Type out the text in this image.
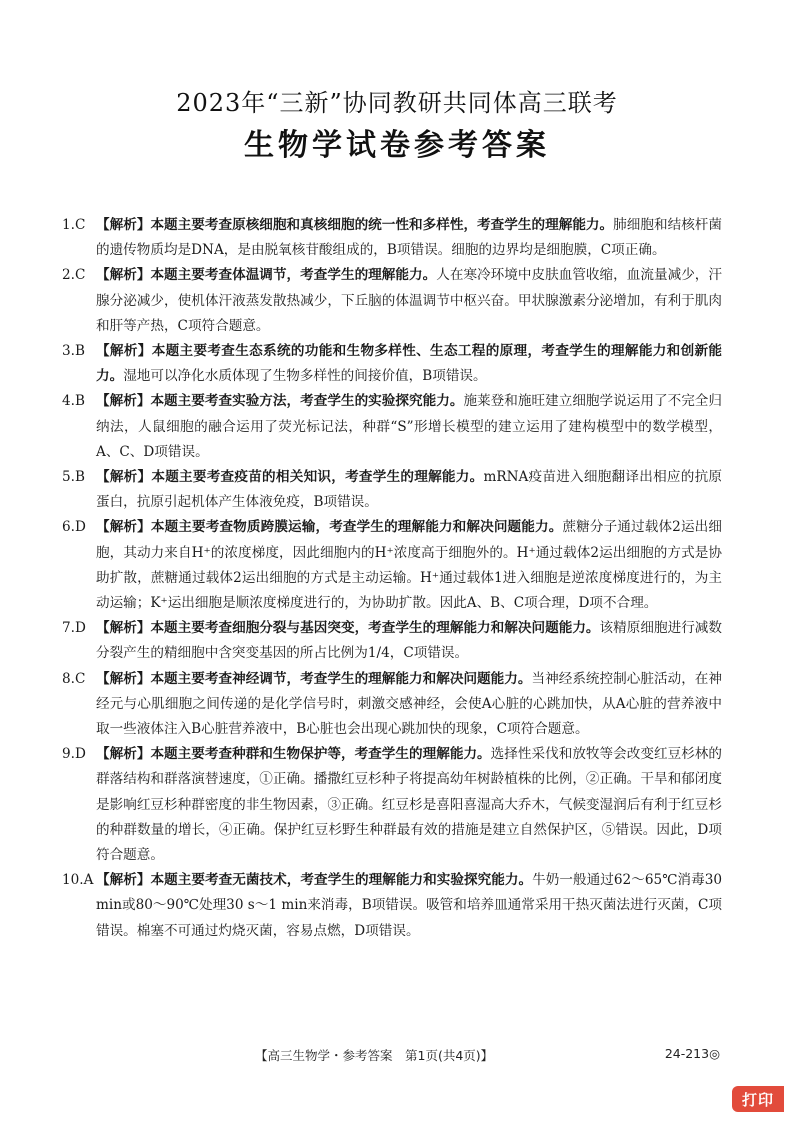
2023年“三新”协同教研共同体高三联考
生物学试卷参考答案
1.C 【解析】本题主要考查原核细胞和真核细胞的统一性和多样性，考查学生的理解能力。肺细胞和结核杆菌的遗传物质均是DNA，是由脱氧核苷酸组成的，B项错误。细胞的边界均是细胞膜，C项正确。
2.C 【解析】本题主要考查体温调节，考查学生的理解能力。人在寒冷环境中皮肤血管收缩，血流量减少，汗腺分泌减少，使机体汗液蒸发散热减少，下丘脑的体温调节中枢兴奋。甲状腺激素分泌增加，有利于肌肉和肝等产热，C项符合题意。
3.B 【解析】本题主要考查生态系统的功能和生物多样性、生态工程的原理，考查学生的理解能力和创新能力。湿地可以净化水质体现了生物多样性的间接价值，B项错误。
4.B 【解析】本题主要考查实验方法，考查学生的实验探究能力。施莱登和施旺建立细胞学说运用了不完全归纳法，人鼠细胞的融合运用了荧光标记法，种群“S”形增长模型的建立运用了建构模型中的数学模型，A、C、D项错误。
5.B 【解析】本题主要考查疫苗的相关知识，考查学生的理解能力。mRNA疫苗进入细胞翻译出相应的抗原蛋白，抗原引起机体产生体液免疫，B项错误。
6.D 【解析】本题主要考查物质跨膜运输，考查学生的理解能力和解决问题能力。蔗糖分子通过载体2运出细胞，其动力来自H⁺的浓度梯度，因此细胞内的H⁺浓度高于细胞外的。H⁺通过载体2运出细胞的方式是协助扩散，蔗糖通过载体2运出细胞的方式是主动运输。H⁺通过载体1进入细胞是逆浓度梯度进行的，为主动运输；K⁺运出细胞是顺浓度梯度进行的，为协助扩散。因此A、B、C项合理，D项不合理。
7.D 【解析】本题主要考查细胞分裂与基因突变，考查学生的理解能力和解决问题能力。该精原细胞进行减数分裂产生的精细胞中含突变基因的所占比例为1/4，C项错误。
8.C 【解析】本题主要考查神经调节，考查学生的理解能力和解决问题能力。当神经系统控制心脏活动，在神经元与心肌细胞之间传递的是化学信号时，刺激交感神经，会使A心脏的心跳加快，从A心脏的营养液中取一些液体注入B心脏营养液中，B心脏也会出现心跳加快的现象，C项符合题意。
9.D 【解析】本题主要考查种群和生物保护等，考查学生的理解能力。选择性采伐和放牧等会改变红豆杉林的群落结构和群落演替速度，①正确。播撒红豆杉种子将提高幼年树龄植株的比例，②正确。干旱和郁闭度是影响红豆杉种群密度的非生物因素，③正确。红豆杉是喜阳喜湿高大乔木，气候变湿润后有利于红豆杉的种群数量的增长，④正确。保护红豆杉野生种群最有效的措施是建立自然保护区，⑤错误。因此，D项符合题意。
10.A 【解析】本题主要考查无菌技术，考查学生的理解能力和实验探究能力。牛奶一般通过62～65℃消毒30 min或80～90℃处理30 s～1 min来消毒，B项错误。吸管和培养皿通常采用干热灭菌法进行灭菌，C项错误。棉塞不可通过灼烧灭菌，容易点燃，D项错误。
【高三生物学・参考答案　第1页(共4页)】	24-213◎
打印
